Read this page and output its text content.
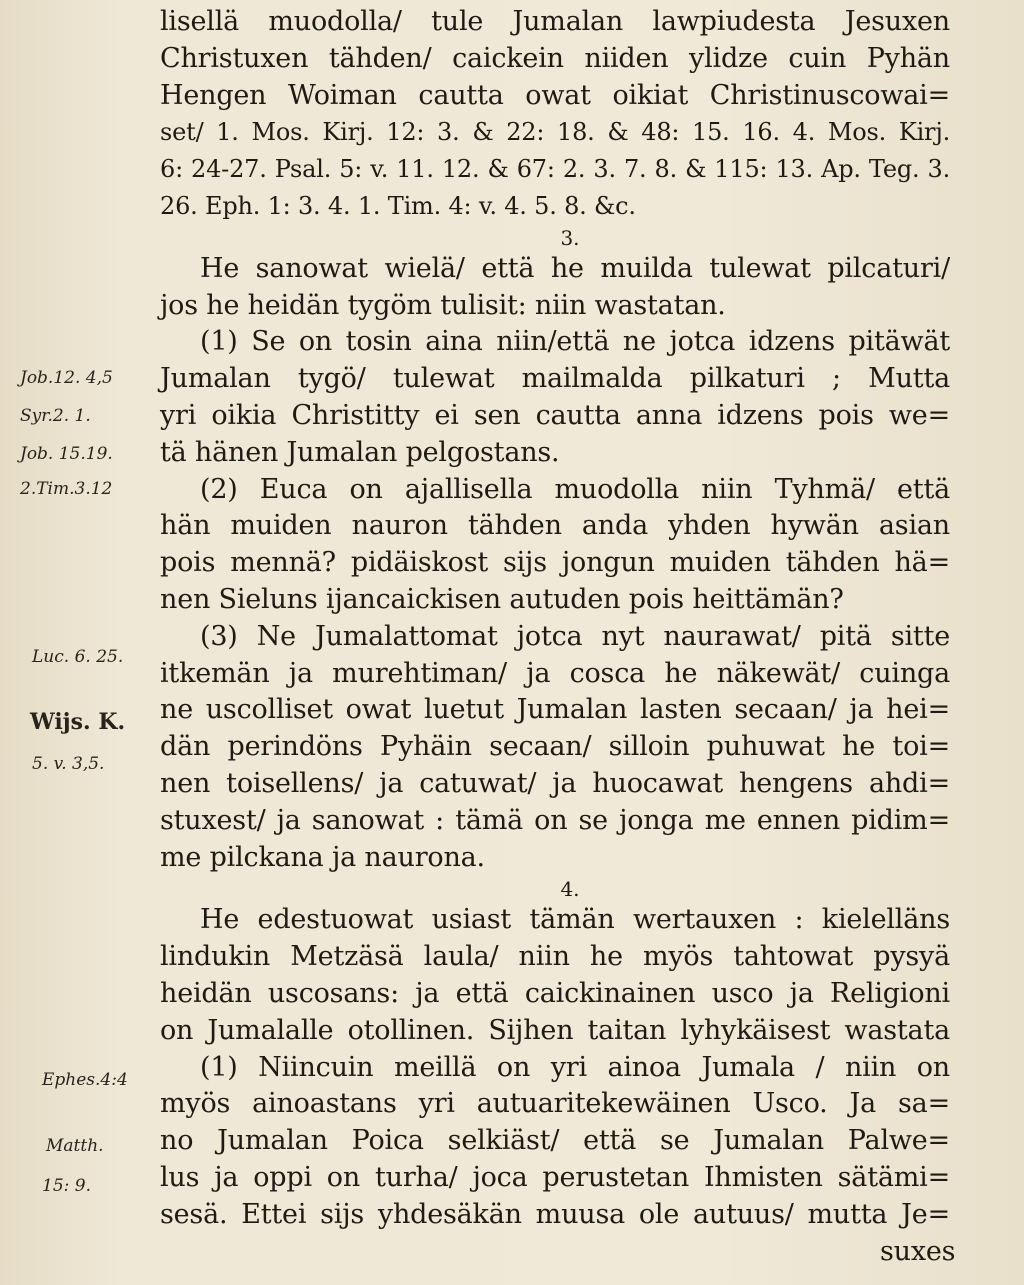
lisellä muodolla/ tule Jumalan lawpiudesta Jesuxen
Christuxen tähden/ caickein niiden ylidze cuin Pyhän
Hengen Woiman cautta owat oikiat Christinuscowai=
set/ 1. Mos. Kirj. 12: 3. & 22: 18. & 48: 15. 16. 4. Mos. Kirj.
6: 24-27. Psal. 5: v. 11. 12. & 67: 2. 3. 7. 8. & 115: 13. Ap. Teg. 3.
26. Eph. 1: 3. 4. 1. Tim. 4: v. 4. 5. 8. &c.
3.
He sanowat wielä/ että he muilda tulewat pilcaturi/
jos he heidän tygöm tulisit: niin wastatan.
(1) Se on tosin aina niin/että ne jotca idzens pitäwät
Jumalan tygö/ tulewat mailmalda pilkaturi ; Mutta
yri oikia Christitty ei sen cautta anna idzens pois we=
tä hänen Jumalan pelgostans.
(2) Euca on ajallisella muodolla niin Tyhmä/ että
hän muiden nauron tähden anda yhden hywän asian
pois mennä? pidäiskost sijs jongun muiden tähden hä=
nen Sieluns ijancaickisen autuden pois heittämän?
(3) Ne Jumalattomat jotca nyt naurawat/ pitä sitte
itkemän ja murehtiman/ ja cosca he näkewät/ cuinga
ne uscolliset owat luetut Jumalan lasten secaan/ ja hei=
dän perindöns Pyhäin secaan/ silloin puhuwat he toi=
nen toisellens/ ja catuwat/ ja huocawat hengens ahdi=
stuxest/ ja sanowat : tämä on se jonga me ennen pidim=
me pilckana ja naurona.
4.
He edestuowat usiast tämän wertauxen : kielelläns
lindukin Metzäsä laula/ niin he myös tahtowat pysyä
heidän uscosans: ja että caickinainen usco ja Religioni
on Jumalalle otollinen. Sijhen taitan lyhykäisest wastata
(1) Niincuin meillä on yri ainoa Jumala / niin on
myös ainoastans yri autuaritekewäinen Usco. Ja sa=
no Jumalan Poica selkiäst/ että se Jumalan Palwe=
lus ja oppi on turha/ joca perustetan Ihmisten sätämi=
sesä. Ettei sijs yhdesäkän muusa ole autuus/ mutta Je=
suxes
Job.12. 4,5
Syr.2. 1.
Job. 15.19.
2.Tim.3.12
Luc. 6. 25.
Wijs. K.
5. v. 3,5.
Ephes.4:4
Matth.
15: 9.
